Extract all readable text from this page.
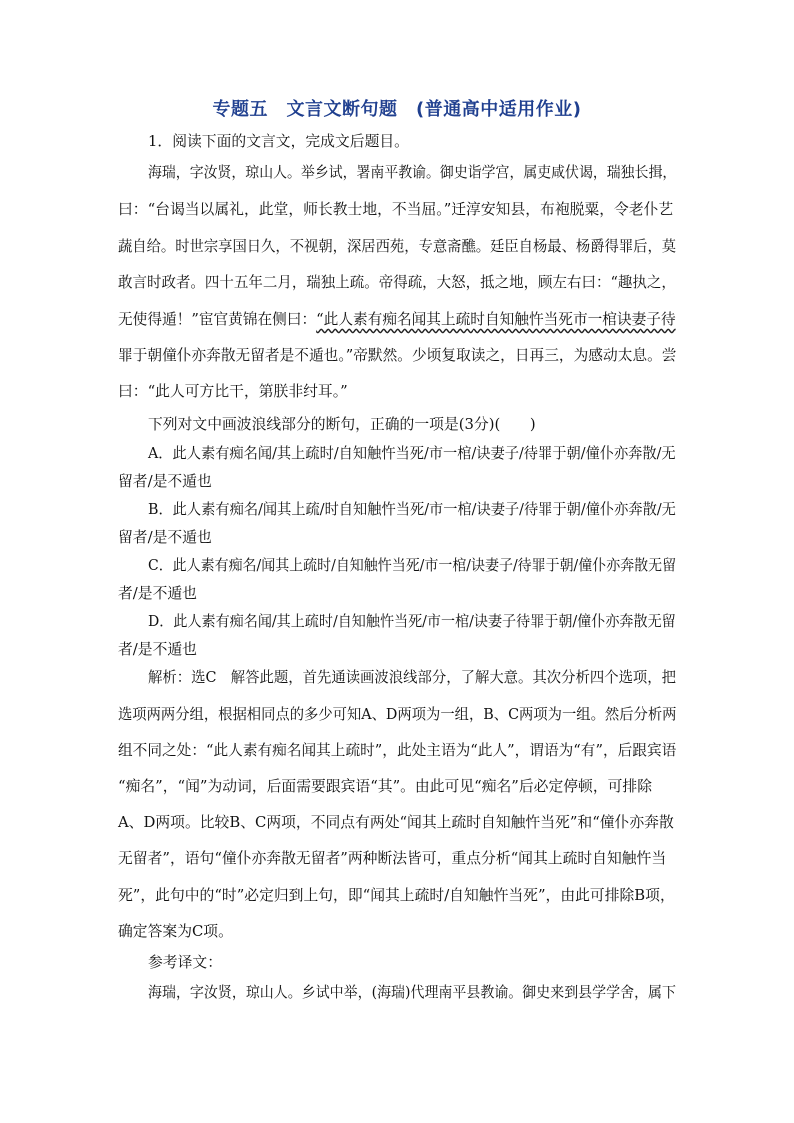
专题五　文言文断句题　(普通高中适用作业)
1．阅读下面的文言文，完成文后题目。
海瑞，字汝贤，琼山人。举乡试，署南平教谕。御史诣学宫，属吏咸伏谒，瑞独长揖，
曰：“台谒当以属礼，此堂，师长教士地，不当屈。”迁淳安知县，布袍脱粟，令老仆艺
蔬自给。时世宗享国日久，不视朝，深居西苑，专意斋醮。廷臣自杨最、杨爵得罪后，莫
敢言时政者。四十五年二月，瑞独上疏。帝得疏，大怒，抵之地，顾左右曰：“趣执之，
无使得遁！”宦官黄锦在侧曰：“此人素有痴名闻其上疏时自知触忤当死市一棺诀妻子待
罪于朝僮仆亦奔散无留者是不遁也。”帝默然。少顷复取读之，日再三，为感动太息。尝
曰：“此人可方比干，第朕非纣耳。”
下列对文中画波浪线部分的断句，正确的一项是(3分)(　　)
A．此人素有痴名闻/其上疏时/自知触忤当死/市一棺/诀妻子/待罪于朝/僮仆亦奔散/无
留者/是不遁也
B．此人素有痴名/闻其上疏/时自知触忤当死/市一棺/诀妻子/待罪于朝/僮仆亦奔散/无
留者/是不遁也
C．此人素有痴名/闻其上疏时/自知触忤当死/市一棺/诀妻子/待罪于朝/僮仆亦奔散无留
者/是不遁也
D．此人素有痴名闻/其上疏时/自知触忤当死/市一棺/诀妻子待罪于朝/僮仆亦奔散无留
者/是不遁也
解析：选C　解答此题，首先通读画波浪线部分，了解大意。其次分析四个选项，把
选项两两分组，根据相同点的多少可知A、D两项为一组，B、C两项为一组。然后分析两
组不同之处：“此人素有痴名闻其上疏时”，此处主语为“此人”，谓语为“有”，后跟宾语
“痴名”，“闻”为动词，后面需要跟宾语“其”。由此可见“痴名”后必定停顿，可排除
A、D两项。比较B、C两项，不同点有两处“闻其上疏时自知触忤当死”和“僮仆亦奔散
无留者”，语句“僮仆亦奔散无留者”两种断法皆可，重点分析“闻其上疏时自知触忤当
死”，此句中的“时”必定归到上句，即“闻其上疏时/自知触忤当死”，由此可排除B项，
确定答案为C项。
参考译文：
海瑞，字汝贤，琼山人。乡试中举，(海瑞)代理南平县教谕。御史来到县学学舍，属下
